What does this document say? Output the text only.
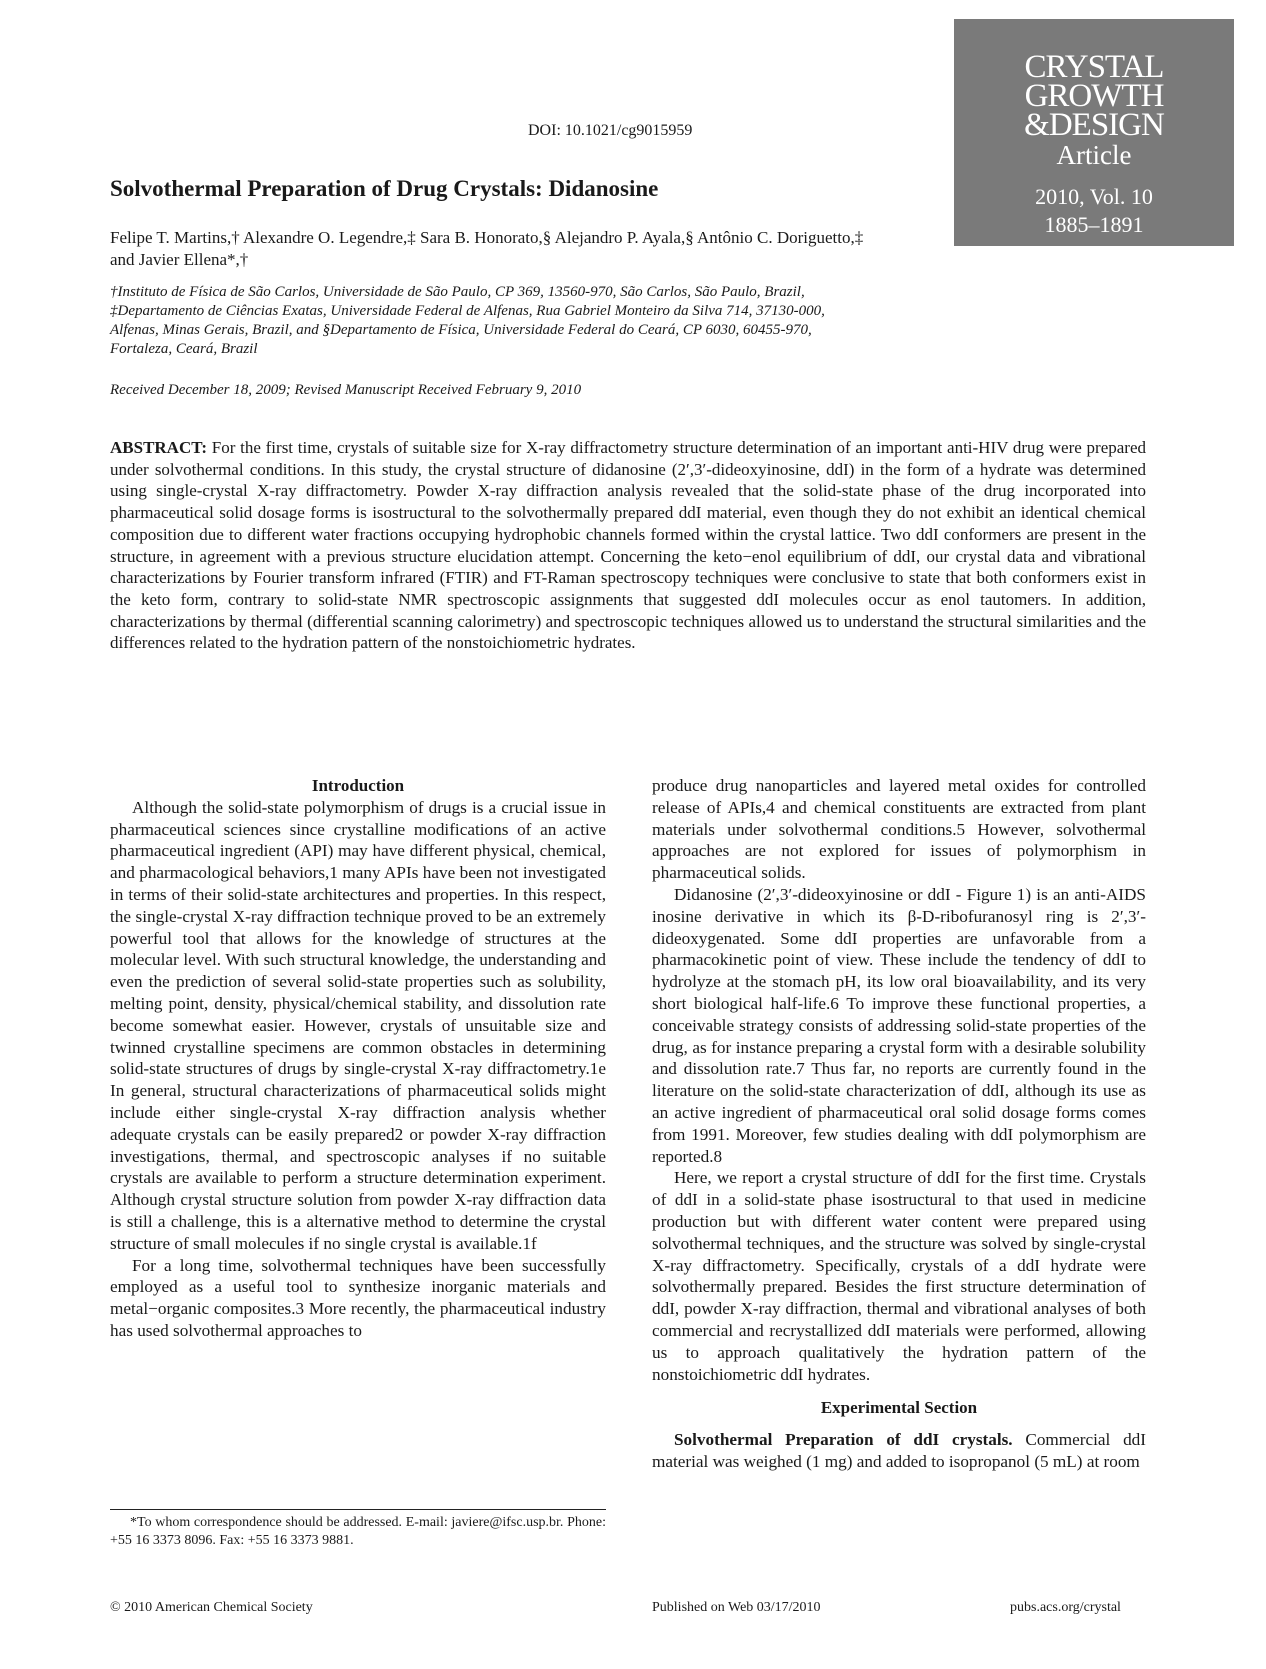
DOI: 10.1021/cg9015959
CRYSTAL
GROWTH
&DESIGN
Article
2010, Vol. 10
1885–1891
Solvothermal Preparation of Drug Crystals: Didanosine
Felipe T. Martins,† Alexandre O. Legendre,‡ Sara B. Honorato,§ Alejandro P. Ayala,§ Antônio C. Doriguetto,‡ and Javier Ellena*,†
†Instituto de Física de São Carlos, Universidade de São Paulo, CP 369, 13560-970, São Carlos, São Paulo, Brazil, ‡Departamento de Ciências Exatas, Universidade Federal de Alfenas, Rua Gabriel Monteiro da Silva 714, 37130-000, Alfenas, Minas Gerais, Brazil, and §Departamento de Física, Universidade Federal do Ceará, CP 6030, 60455-970, Fortaleza, Ceará, Brazil
Received December 18, 2009; Revised Manuscript Received February 9, 2010
ABSTRACT: For the first time, crystals of suitable size for X-ray diffractometry structure determination of an important anti-HIV drug were prepared under solvothermal conditions. In this study, the crystal structure of didanosine (2′,3′-dideoxyinosine, ddI) in the form of a hydrate was determined using single-crystal X-ray diffractometry. Powder X-ray diffraction analysis revealed that the solid-state phase of the drug incorporated into pharmaceutical solid dosage forms is isostructural to the solvothermally prepared ddI material, even though they do not exhibit an identical chemical composition due to different water fractions occupying hydrophobic channels formed within the crystal lattice. Two ddI conformers are present in the structure, in agreement with a previous structure elucidation attempt. Concerning the keto−enol equilibrium of ddI, our crystal data and vibrational characterizations by Fourier transform infrared (FTIR) and FT-Raman spectroscopy techniques were conclusive to state that both conformers exist in the keto form, contrary to solid-state NMR spectroscopic assignments that suggested ddI molecules occur as enol tautomers. In addition, characterizations by thermal (differential scanning calorimetry) and spectroscopic techniques allowed us to understand the structural similarities and the differences related to the hydration pattern of the nonstoichiometric hydrates.

Introduction

Although the solid-state polymorphism of drugs is a crucial issue in pharmaceutical sciences since crystalline modifications of an active pharmaceutical ingredient (API) may have different physical, chemical, and pharmacological behaviors,1 many APIs have been not investigated in terms of their solid-state architectures and properties. In this respect, the single-crystal X-ray diffraction technique proved to be an extremely powerful tool that allows for the knowledge of structures at the molecular level. With such structural knowledge, the understanding and even the prediction of several solid-state properties such as solubility, melting point, density, physical/chemical stability, and dissolution rate become somewhat easier. However, crystals of unsuitable size and twinned crystalline specimens are common obstacles in determining solid-state structures of drugs by single-crystal X-ray diffractometry.1e In general, structural characterizations of pharmaceutical solids might include either single-crystal X-ray diffraction analysis whether adequate crystals can be easily prepared2 or powder X-ray diffraction investigations, thermal, and spectroscopic analyses if no suitable crystals are available to perform a structure determination experiment. Although crystal structure solution from powder X-ray diffraction data is still a challenge, this is a alternative method to determine the crystal structure of small molecules if no single crystal is available.1f

For a long time, solvothermal techniques have been successfully employed as a useful tool to synthesize inorganic materials and metal−organic composites.3 More recently, the pharmaceutical industry has used solvothermal approaches to

produce drug nanoparticles and layered metal oxides for controlled release of APIs,4 and chemical constituents are extracted from plant materials under solvothermal conditions.5 However, solvothermal approaches are not explored for issues of polymorphism in pharmaceutical solids.

Didanosine (2′,3′-dideoxyinosine or ddI - Figure 1) is an anti-AIDS inosine derivative in which its β-D-ribofuranosyl ring is 2′,3′-dideoxygenated. Some ddI properties are unfavorable from a pharmacokinetic point of view. These include the tendency of ddI to hydrolyze at the stomach pH, its low oral bioavailability, and its very short biological half-life.6 To improve these functional properties, a conceivable strategy consists of addressing solid-state properties of the drug, as for instance preparing a crystal form with a desirable solubility and dissolution rate.7 Thus far, no reports are currently found in the literature on the solid-state characterization of ddI, although its use as an active ingredient of pharmaceutical oral solid dosage forms comes from 1991. Moreover, few studies dealing with ddI polymorphism are reported.8

Here, we report a crystal structure of ddI for the first time. Crystals of ddI in a solid-state phase isostructural to that used in medicine production but with different water content were prepared using solvothermal techniques, and the structure was solved by single-crystal X-ray diffractometry. Specifically, crystals of a ddI hydrate were solvothermally prepared. Besides the first structure determination of ddI, powder X-ray diffraction, thermal and vibrational analyses of both commercial and recrystallized ddI materials were performed, allowing us to approach qualitatively the hydration pattern of the nonstoichiometric ddI hydrates.

Experimental Section

Solvothermal Preparation of ddI crystals. Commercial ddI material was weighed (1 mg) and added to isopropanol (5 mL) at room

*To whom correspondence should be addressed. E-mail: javiere@ifsc.usp.br. Phone: +55 16 3373 8096. Fax: +55 16 3373 9881.
© 2010 American Chemical Society	Published on Web 03/17/2010	pubs.acs.org/crystal
